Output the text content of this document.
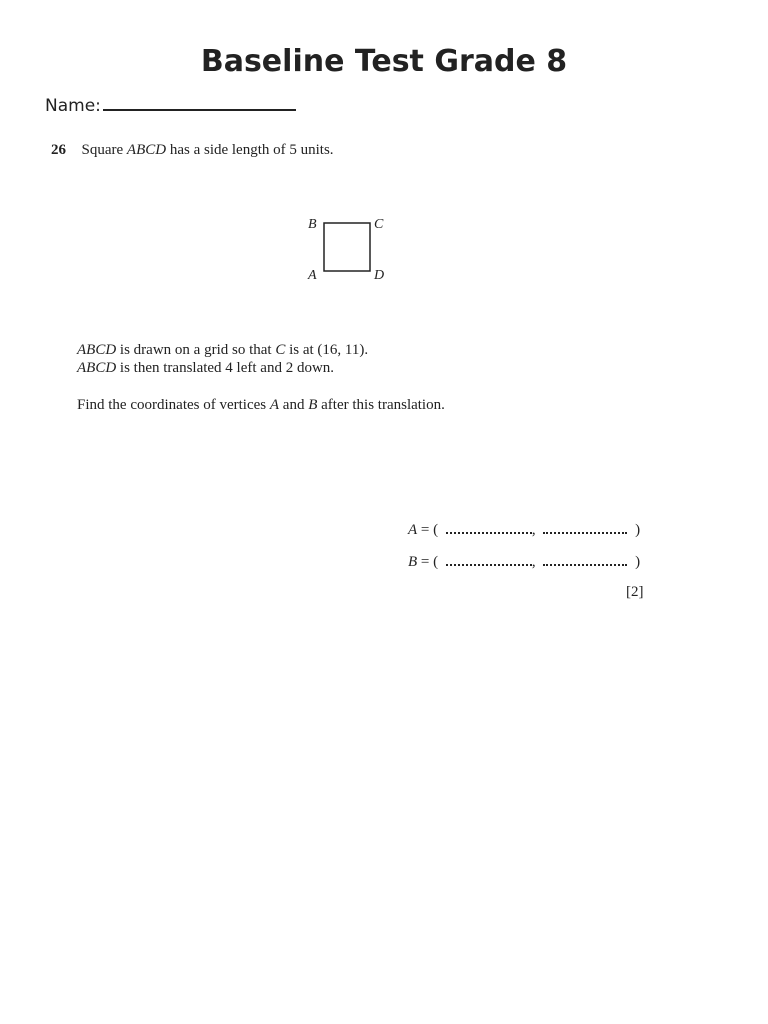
Baseline Test Grade 8
Name:
26 Square ABCD has a side length of 5 units.
B	C
A	D
ABCD is drawn on a grid so that C is at (16, 11).
ABCD is then translated 4 left and 2 down.
Find the coordinates of vertices A and B after this translation.
A = (	,	)
B = (	,	)
[2]
